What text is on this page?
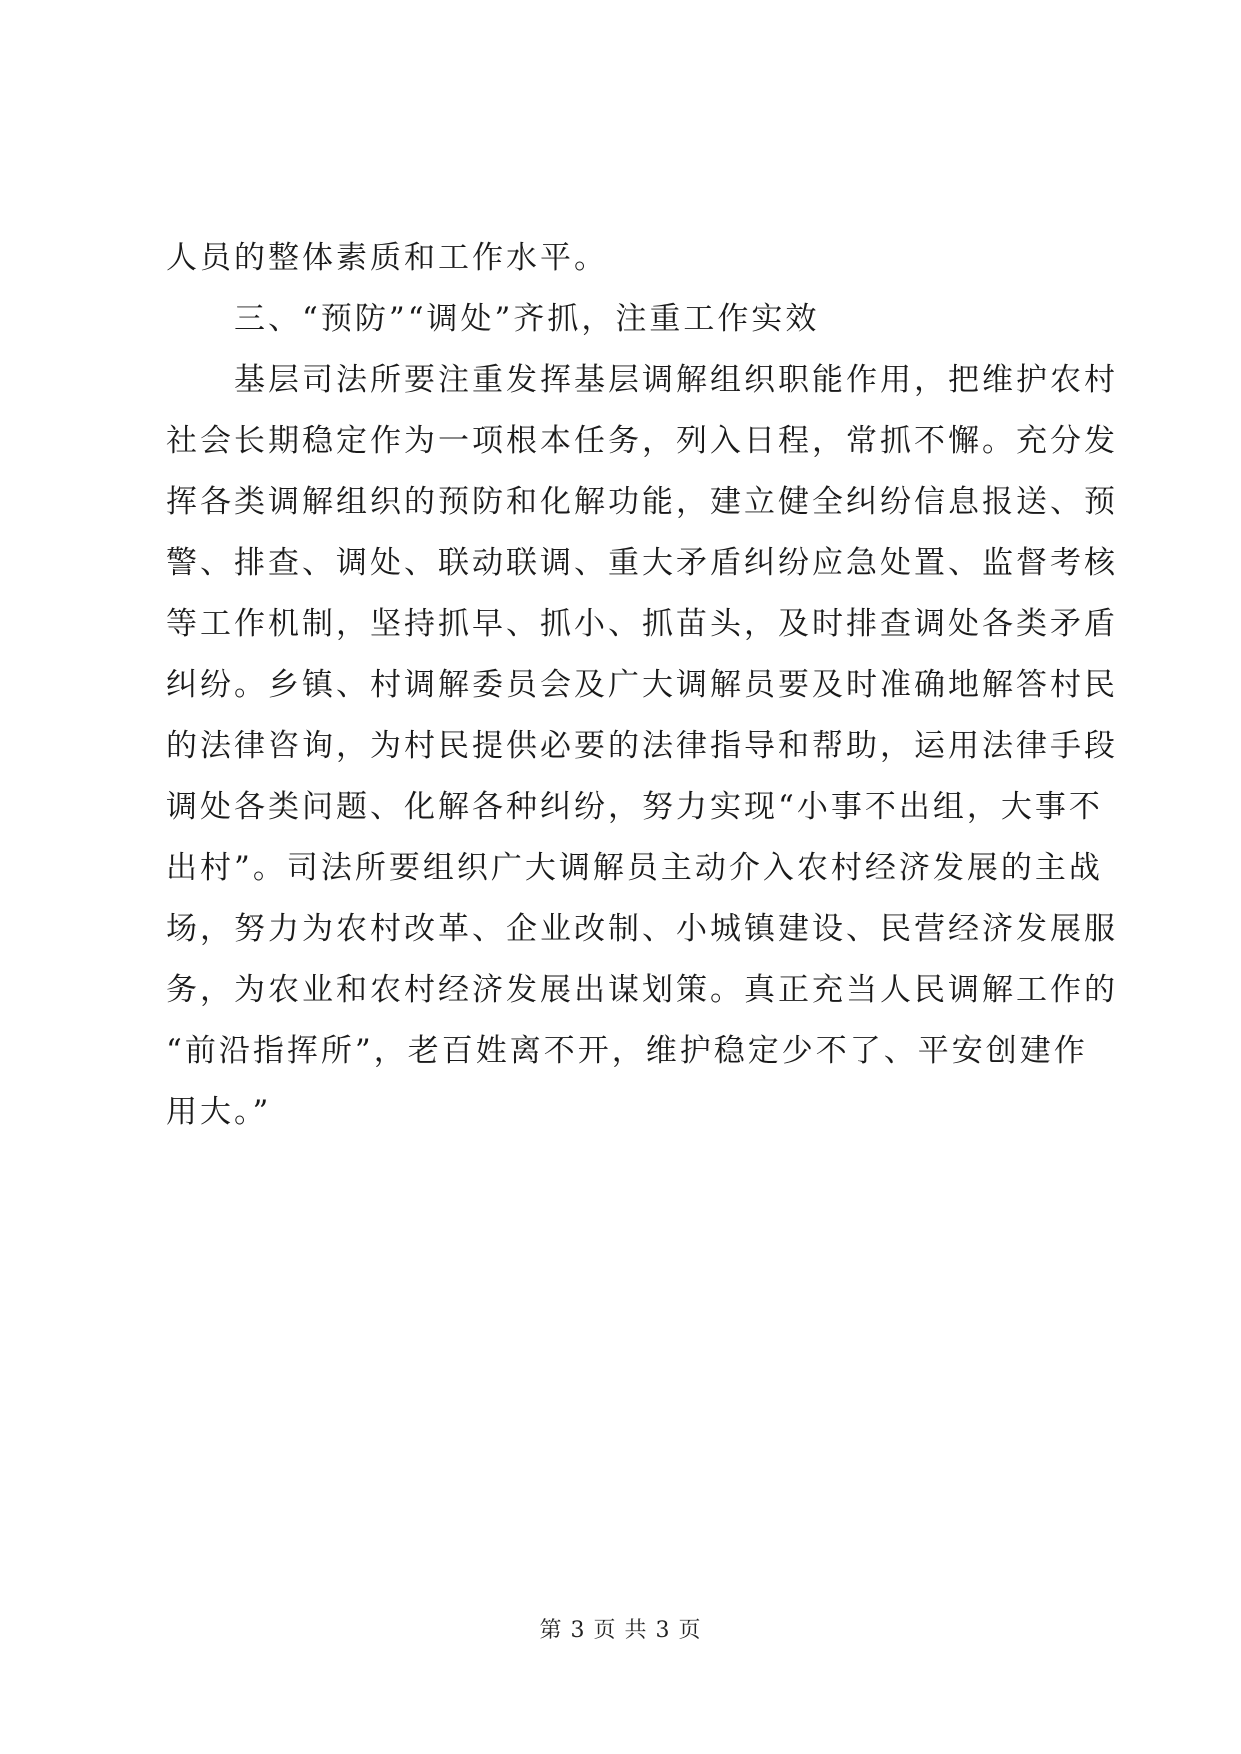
人员的整体素质和工作水平。
三、“预防”“调处”齐抓，注重工作实效
基层司法所要注重发挥基层调解组织职能作用，把维护农村
社会长期稳定作为一项根本任务，列入日程，常抓不懈。充分发
挥各类调解组织的预防和化解功能，建立健全纠纷信息报送、预
警、排查、调处、联动联调、重大矛盾纠纷应急处置、监督考核
等工作机制，坚持抓早、抓小、抓苗头，及时排查调处各类矛盾
纠纷。乡镇、村调解委员会及广大调解员要及时准确地解答村民
的法律咨询，为村民提供必要的法律指导和帮助，运用法律手段
调处各类问题、化解各种纠纷，努力实现“小事不出组，大事不
出村”。司法所要组织广大调解员主动介入农村经济发展的主战
场，努力为农村改革、企业改制、小城镇建设、民营经济发展服
务，为农业和农村经济发展出谋划策。真正充当人民调解工作的
“前沿指挥所”，老百姓离不开，维护稳定少不了、平安创建作
用大。”
第 3 页 共 3 页
